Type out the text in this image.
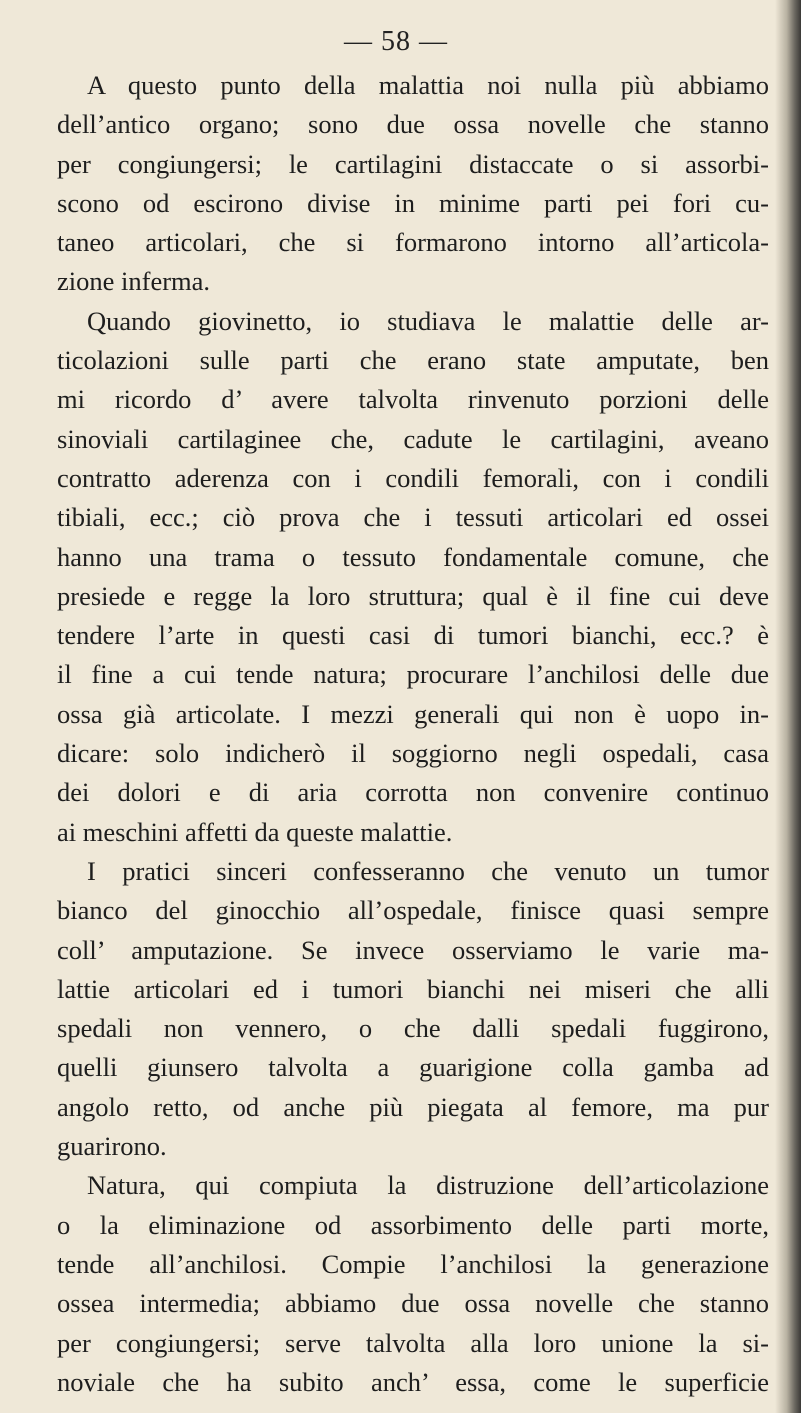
— 58 —
A questo punto della malattia noi nulla più abbiamo
dell’antico organo; sono due ossa novelle che stanno
per congiungersi; le cartilagini distaccate o si assorbi-
scono od escirono divise in minime parti pei fori cu-
taneo articolari, che si formarono intorno all’articola-
zione inferma.
Quando giovinetto, io studiava le malattie delle ar-
ticolazioni sulle parti che erano state amputate, ben
mi ricordo d’ avere talvolta rinvenuto porzioni delle
sinoviali cartilaginee che, cadute le cartilagini, aveano
contratto aderenza con i condili femorali, con i condili
tibiali, ecc.; ciò prova che i tessuti articolari ed ossei
hanno una trama o tessuto fondamentale comune, che
presiede e regge la loro struttura; qual è il fine cui deve
tendere l’arte in questi casi di tumori bianchi, ecc.? è
il fine a cui tende natura; procurare l’anchilosi delle due
ossa già articolate. I mezzi generali qui non è uopo in-
dicare: solo indicherò il soggiorno negli ospedali, casa
dei dolori e di aria corrotta non convenire continuo
ai meschini affetti da queste malattie.
I pratici sinceri confesseranno che venuto un tumor
bianco del ginocchio all’ospedale, finisce quasi sempre
coll’ amputazione. Se invece osserviamo le varie ma-
lattie articolari ed i tumori bianchi nei miseri che alli
spedali non vennero, o che dalli spedali fuggirono,
quelli giunsero talvolta a guarigione colla gamba ad
angolo retto, od anche più piegata al femore, ma pur
guarirono.
Natura, qui compiuta la distruzione dell’articolazione
o la eliminazione od assorbimento delle parti morte,
tende all’anchilosi. Compie l’anchilosi la generazione
ossea intermedia; abbiamo due ossa novelle che stanno
per congiungersi; serve talvolta alla loro unione la si-
noviale che ha subito anch’ essa, come le superficie
